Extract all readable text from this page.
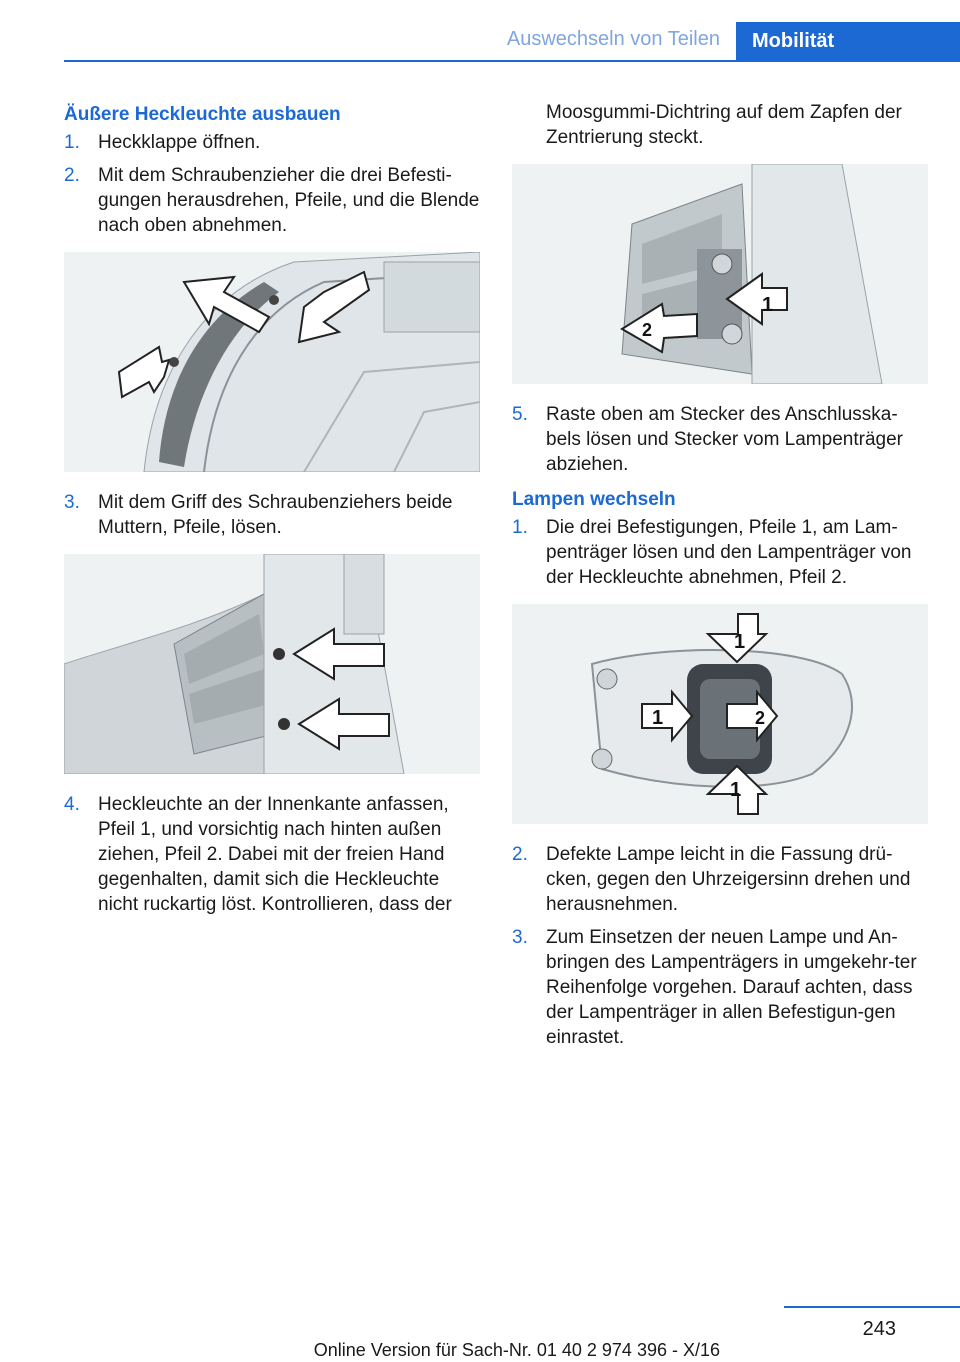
Auswechseln von Teilen	Mobilität
Äußere Heckleuchte ausbauen
1. Heckklappe öffnen.
2. Mit dem Schraubenzieher die drei Befesti-gungen herausdrehen, Pfeile, und die Blende nach oben abnehmen.
3. Mit dem Griff des Schraubenziehers beide Muttern, Pfeile, lösen.
4. Heckleuchte an der Innenkante anfassen, Pfeil 1, und vorsichtig nach hinten außen ziehen, Pfeil 2. Dabei mit der freien Hand gegenhalten, damit sich die Heckleuchte nicht ruckartig löst. Kontrollieren, dass der

Moosgummi-Dichtring auf dem Zapfen der Zentrierung steckt.

1
2
5. Raste oben am Stecker des Anschlusska-bels lösen und Stecker vom Lampenträger abziehen.
Lampen wechseln
1. Die drei Befestigungen, Pfeile 1, am Lam-penträger lösen und den Lampenträger von der Heckleuchte abnehmen, Pfeil 2.
1
1	2
1
2. Defekte Lampe leicht in die Fassung drü-cken, gegen den Uhrzeigersinn drehen und herausnehmen.
3. Zum Einsetzen der neuen Lampe und An-bringen des Lampenträgers in umgekehr-ter Reihenfolge vorgehen. Darauf achten, dass der Lampenträger in allen Befestigun-gen einrastet.
243
Online Version für Sach-Nr. 01 40 2 974 396 - X/16
